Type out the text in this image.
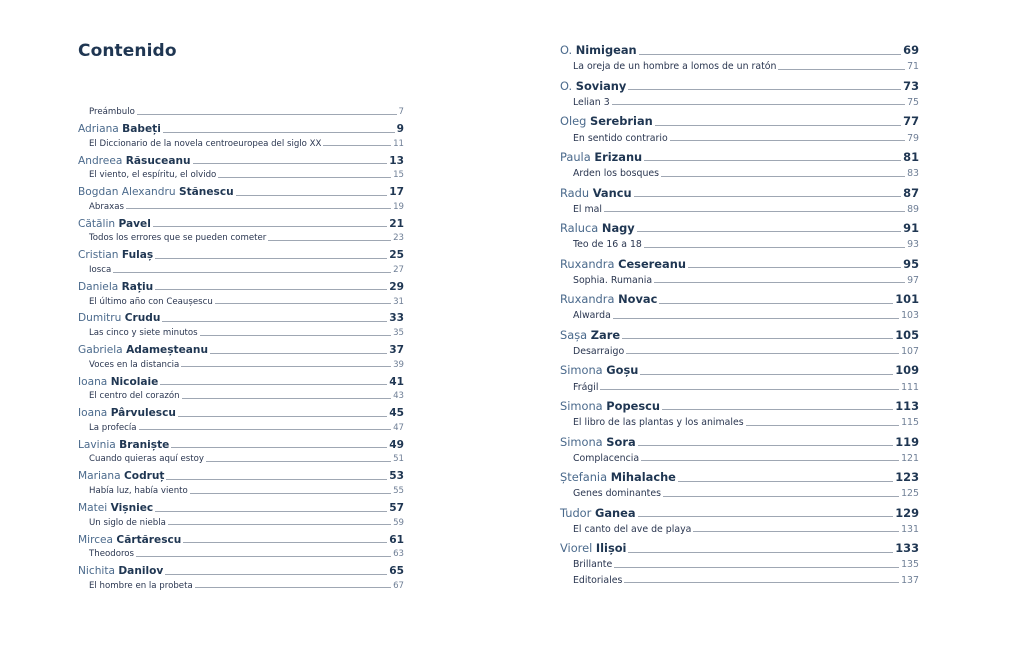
Contenido
Preámbulo	7
Adriana Babeți	9
El Diccionario de la novela centroeuropea del siglo XX	11
Andreea Răsuceanu	13
El viento, el espíritu, el olvido	15
Bogdan Alexandru Stănescu	17
Abraxas	19
Cătălin Pavel	21
Todos los errores que se pueden cometer	23
Cristian Fulaș	25
Iosca	27
Daniela Rațiu	29
El último año con Ceaușescu	31
Dumitru Crudu	33
Las cinco y siete minutos	35
Gabriela Adameșteanu	37
Voces en la distancia	39
Ioana Nicolaie	41
El centro del corazón	43
Ioana Pârvulescu	45
La profecía	47
Lavinia Braniște	49
Cuando quieras aquí estoy	51
Mariana Codruț	53
Había luz, había viento	55
Matei Vișniec	57
Un siglo de niebla	59
Mircea Cărtărescu	61
Theodoros	63
Nichita Danilov	65
El hombre en la probeta	67
O. Nimigean	69
La oreja de un hombre a lomos de un ratón	71
O. Soviany	73
Lelian 3	75
Oleg Serebrian	77
En sentido contrario	79
Paula Erizanu	81
Arden los bosques	83
Radu Vancu	87
El mal	89
Raluca Nagy	91
Teo de 16 a 18	93
Ruxandra Cesereanu	95
Sophia. Rumania	97
Ruxandra Novac	101
Alwarda	103
Sașa Zare	105
Desarraigo	107
Simona Goșu	109
Frágil	111
Simona Popescu	113
El libro de las plantas y los animales	115
Simona Sora	119
Complacencia	121
Ștefania Mihalache	123
Genes dominantes	125
Tudor Ganea	129
El canto del ave de playa	131
Viorel Ilișoi	133
Brillante	135
Editoriales	137
